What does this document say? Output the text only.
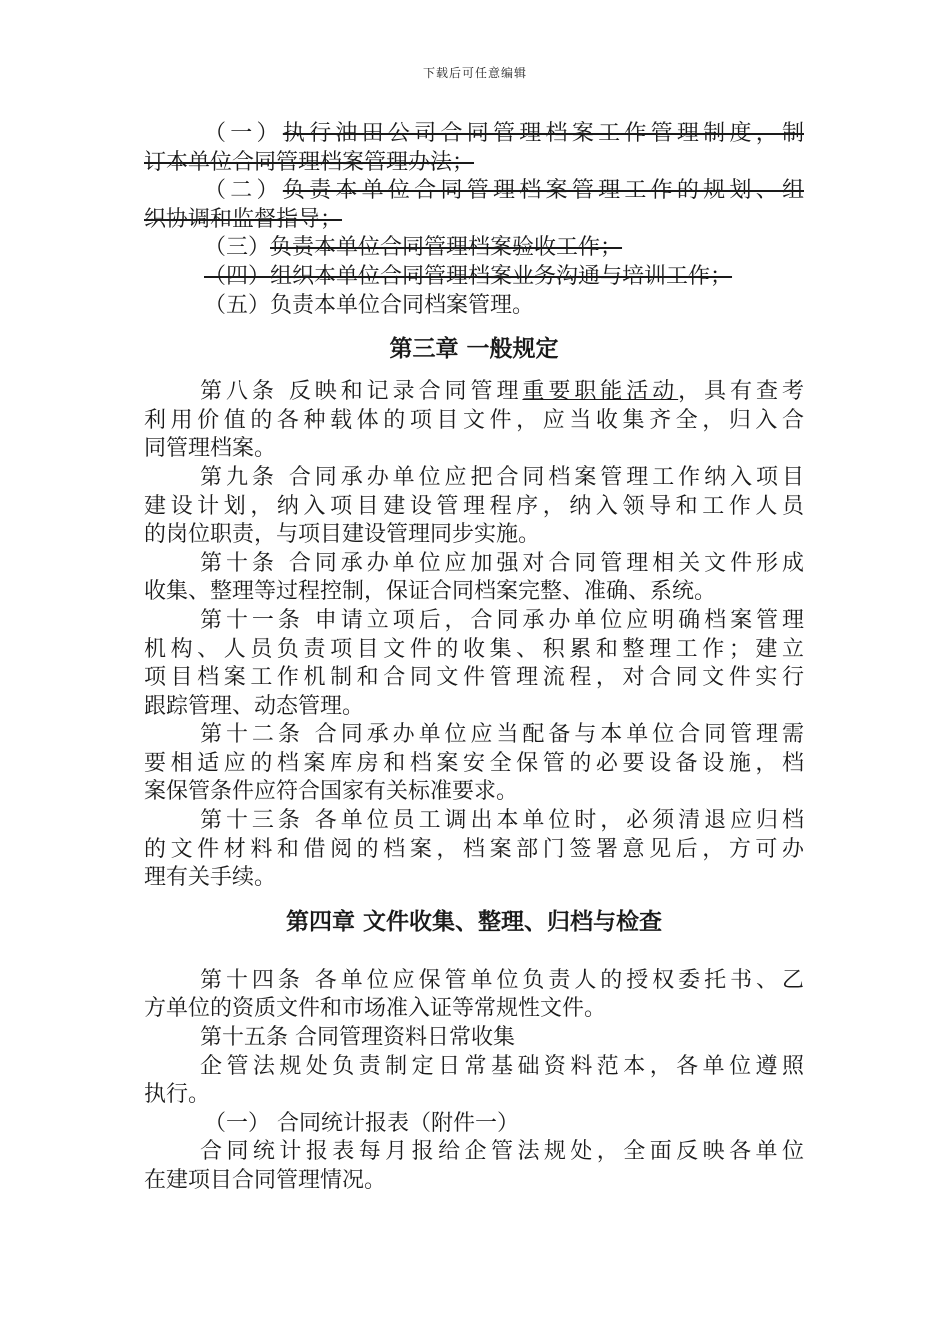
下载后可任意编辑
（一）执行油田公司合同管理档案工作管理制度，制
订本单位合同管理档案管理办法；
（二）负责本单位合同管理档案管理工作的规划、组
织协调和监督指导；
（三）负责本单位合同管理档案验收工作；
（四）组织本单位合同管理档案业务沟通与培训工作；
（五）负责本单位合同档案管理。
第三章 一般规定
第八条 反映和记录合同管理重要职能活动，具有查考
利用价值的各种载体的项目文件，应当收集齐全，归入合
同管理档案。
第九条 合同承办单位应把合同档案管理工作纳入项目
建设计划，纳入项目建设管理程序，纳入领导和工作人员
的岗位职责，与项目建设管理同步实施。
第十条 合同承办单位应加强对合同管理相关文件形成
收集、整理等过程控制，保证合同档案完整、准确、系统。
第十一条 申请立项后，合同承办单位应明确档案管理
机构、人员负责项目文件的收集、积累和整理工作；建立
项目档案工作机制和合同文件管理流程，对合同文件实行
跟踪管理、动态管理。
第十二条 合同承办单位应当配备与本单位合同管理需
要相适应的档案库房和档案安全保管的必要设备设施，档
案保管条件应符合国家有关标准要求。
第十三条 各单位员工调出本单位时，必须清退应归档
的文件材料和借阅的档案，档案部门签署意见后，方可办
理有关手续。
第四章 文件收集、整理、归档与检查
第十四条 各单位应保管单位负责人的授权委托书、乙
方单位的资质文件和市场准入证等常规性文件。
第十五条 合同管理资料日常收集
企管法规处负责制定日常基础资料范本，各单位遵照
执行。
（一） 合同统计报表（附件一）
合同统计报表每月报给企管法规处，全面反映各单位
在建项目合同管理情况。
